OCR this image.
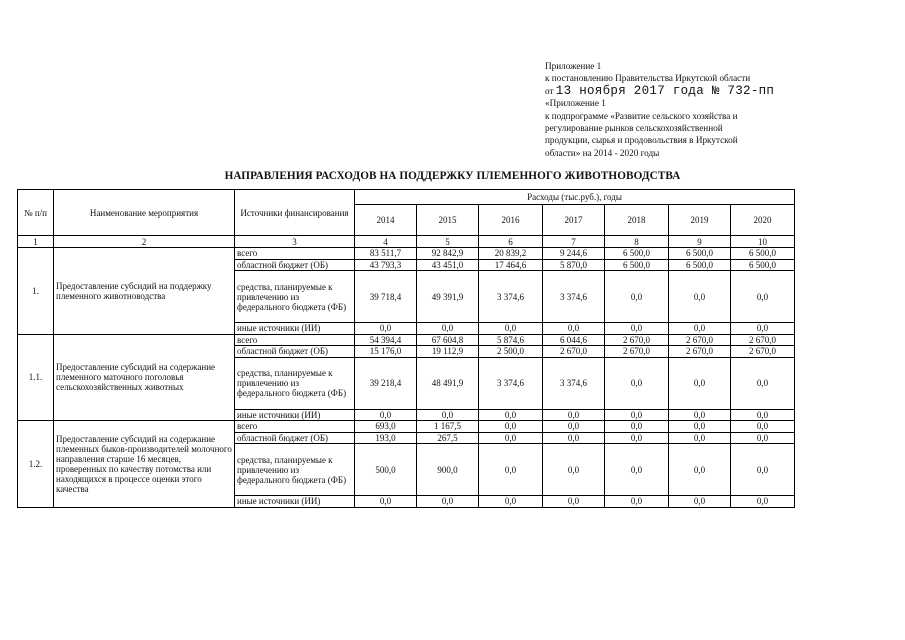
Приложение 1
к постановлению Правительства Иркутской области
от 13 ноября 2017 года № 732-пп
«Приложение 1
к подпрограмме «Развитие сельского хозяйства и
регулирование рынков сельскохозяйственной
продукции, сырья и продовольствия в Иркутской
области» на 2014 - 2020 годы
НАПРАВЛЕНИЯ РАСХОДОВ НА ПОДДЕРЖКУ ПЛЕМЕННОГО ЖИВОТНОВОДСТВА
№ п/п	Наименование мероприятия	Источники финансирования	Расходы (тыс.руб.), годы						
			2014	2015	2016	2017	2018	2019	2020
1	2	3	4	5	6	7	8	9	10
1.	Предоставление субсидий на поддержку племенного животноводства	всего	83 511,7	92 842,9	20 839,2	9 244,6	6 500,0	6 500,0	6 500,0
		областной бюджет (ОБ)	43 793,3	43 451,0	17 464,6	5 870,0	6 500,0	6 500,0	6 500,0
		средства, планируемые к привлечению из федерального бюджета (ФБ)	39 718,4	49 391,9	3 374,6	3 374,6	0,0	0,0	0,0
		иные источники (ИИ)	0,0	0,0	0,0	0,0	0,0	0,0	0,0
1.1.	Предоставление субсидий на содержание племенного маточного поголовья сельскохозяйственных животных	всего	54 394,4	67 604,8	5 874,6	6 044,6	2 670,0	2 670,0	2 670,0
		областной бюджет (ОБ)	15 176,0	19 112,9	2 500,0	2 670,0	2 670,0	2 670,0	2 670,0
		средства, планируемые к привлечению из федерального бюджета (ФБ)	39 218,4	48 491,9	3 374,6	3 374,6	0,0	0,0	0,0
		иные источники (ИИ)	0,0	0,0	0,0	0,0	0,0	0,0	0,0
1.2.	Предоставление субсидий на содержание племенных быков-производителей молочного направления старше 16 месяцев, проверенных по качеству потомства или находящихся в процессе оценки этого качества	всего	693,0	1 167,5	0,0	0,0	0,0	0,0	0,0
		областной бюджет (ОБ)	193,0	267,5	0,0	0,0	0,0	0,0	0,0
		средства, планируемые к привлечению из федерального бюджета (ФБ)	500,0	900,0	0,0	0,0	0,0	0,0	0,0
		иные источники (ИИ)	0,0	0,0	0,0	0,0	0,0	0,0	0,0
